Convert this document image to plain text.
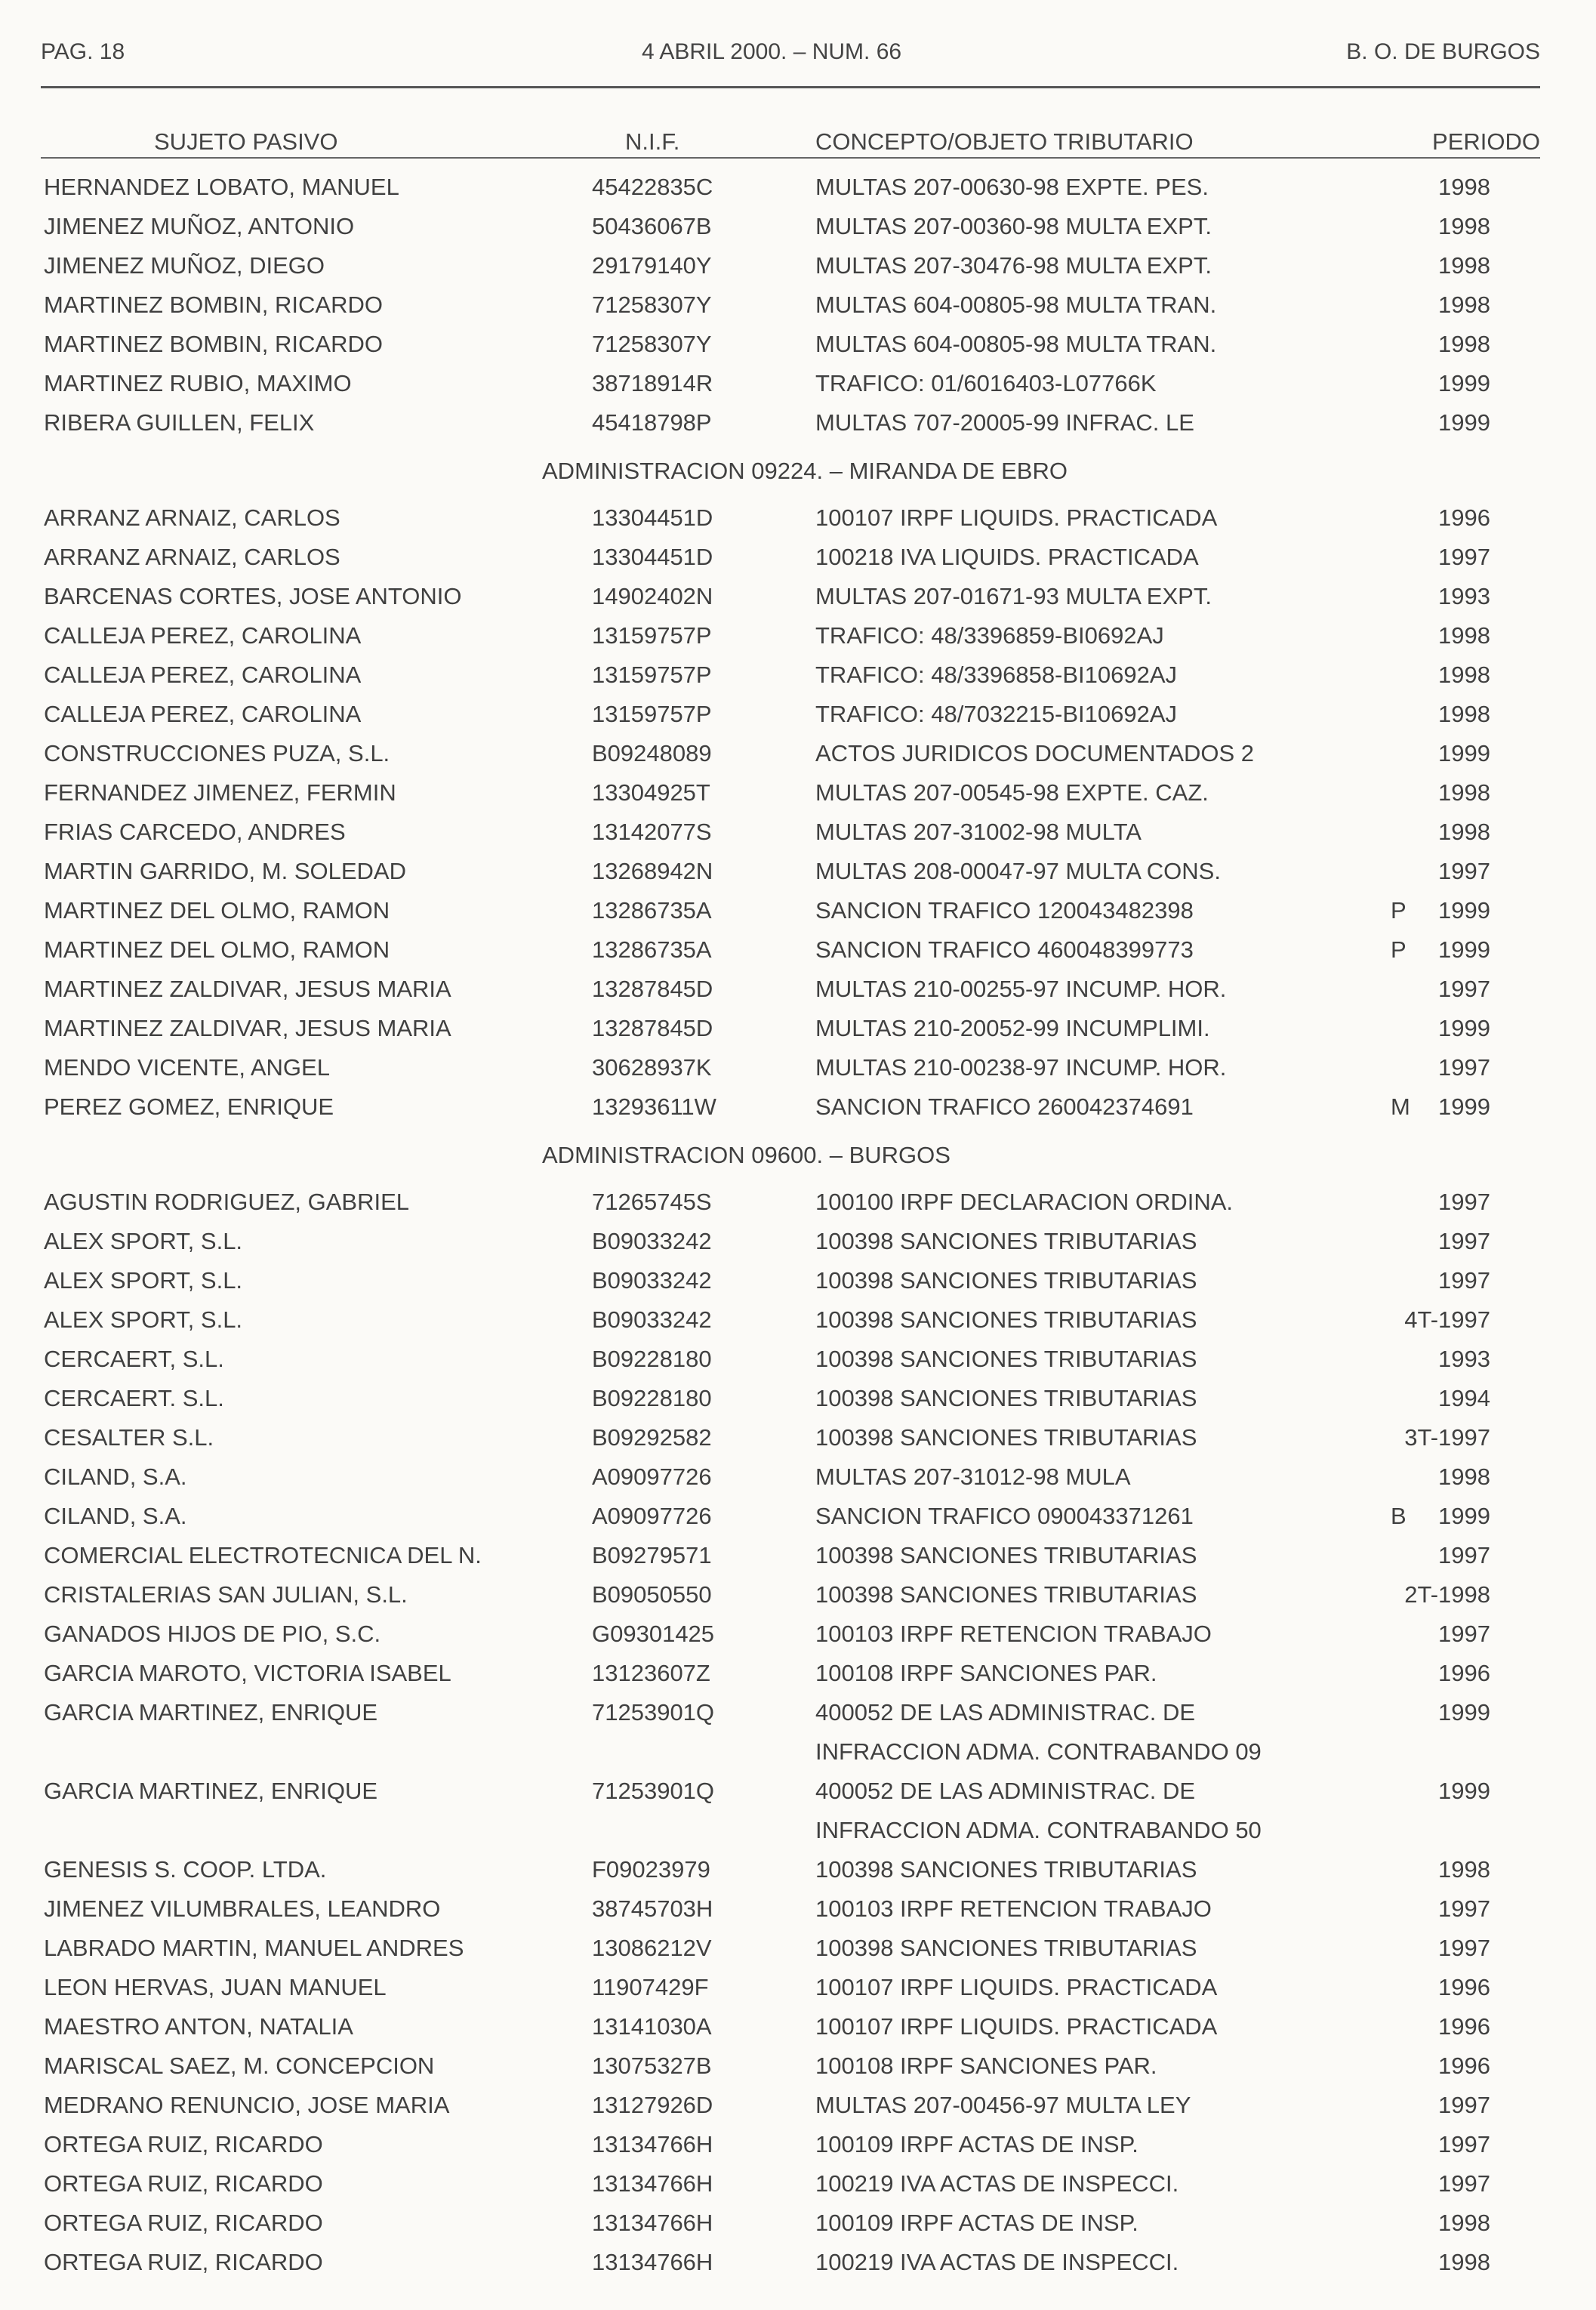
PAG. 18	4 ABRIL 2000. – NUM. 66	B. O. DE BURGOS
SUJETO PASIVO	N.I.F.	CONCEPTO/OBJETO TRIBUTARIO	PERIODO
HERNANDEZ LOBATO, MANUEL	45422835C	MULTAS 207-00630-98 EXPTE. PES.	1998
JIMENEZ MUÑOZ, ANTONIO	50436067B	MULTAS 207-00360-98 MULTA EXPT.	1998
JIMENEZ MUÑOZ, DIEGO	29179140Y	MULTAS 207-30476-98 MULTA EXPT.	1998
MARTINEZ BOMBIN, RICARDO	71258307Y	MULTAS 604-00805-98 MULTA TRAN.	1998
MARTINEZ BOMBIN, RICARDO	71258307Y	MULTAS 604-00805-98 MULTA TRAN.	1998
MARTINEZ RUBIO, MAXIMO	38718914R	TRAFICO: 01/6016403-L07766K	1999
RIBERA GUILLEN, FELIX	45418798P	MULTAS 707-20005-99 INFRAC. LE	1999
ADMINISTRACION 09224. – MIRANDA DE EBRO
ARRANZ ARNAIZ, CARLOS	13304451D	100107 IRPF LIQUIDS. PRACTICADA	1996
ARRANZ ARNAIZ, CARLOS	13304451D	100218 IVA LIQUIDS. PRACTICADA	1997
BARCENAS CORTES, JOSE ANTONIO	14902402N	MULTAS 207-01671-93 MULTA EXPT.	1993
CALLEJA PEREZ, CAROLINA	13159757P	TRAFICO: 48/3396859-BI0692AJ	1998
CALLEJA PEREZ, CAROLINA	13159757P	TRAFICO: 48/3396858-BI10692AJ	1998
CALLEJA PEREZ, CAROLINA	13159757P	TRAFICO: 48/7032215-BI10692AJ	1998
CONSTRUCCIONES PUZA, S.L.	B09248089	ACTOS JURIDICOS DOCUMENTADOS 2	1999
FERNANDEZ JIMENEZ, FERMIN	13304925T	MULTAS 207-00545-98 EXPTE. CAZ.	1998
FRIAS CARCEDO, ANDRES	13142077S	MULTAS 207-31002-98 MULTA	1998
MARTIN GARRIDO, M. SOLEDAD	13268942N	MULTAS 208-00047-97 MULTA CONS.	1997
MARTINEZ DEL OLMO, RAMON	13286735A	SANCION TRAFICO 120043482398	P 1999
MARTINEZ DEL OLMO, RAMON	13286735A	SANCION TRAFICO 460048399773	P 1999
MARTINEZ ZALDIVAR, JESUS MARIA	13287845D	MULTAS 210-00255-97 INCUMP. HOR.	1997
MARTINEZ ZALDIVAR, JESUS MARIA	13287845D	MULTAS 210-20052-99 INCUMPLIMI.	1999
MENDO VICENTE, ANGEL	30628937K	MULTAS 210-00238-97 INCUMP. HOR.	1997
PEREZ GOMEZ, ENRIQUE	13293611W	SANCION TRAFICO 260042374691	M 1999
ADMINISTRACION 09600. – BURGOS
AGUSTIN RODRIGUEZ, GABRIEL	71265745S	100100 IRPF DECLARACION ORDINA.	1997
ALEX SPORT, S.L.	B09033242	100398 SANCIONES TRIBUTARIAS	1997
ALEX SPORT, S.L.	B09033242	100398 SANCIONES TRIBUTARIAS	1997
ALEX SPORT, S.L.	B09033242	100398 SANCIONES TRIBUTARIAS	4T-1997
CERCAERT, S.L.	B09228180	100398 SANCIONES TRIBUTARIAS	1993
CERCAERT. S.L.	B09228180	100398 SANCIONES TRIBUTARIAS	1994
CESALTER S.L.	B09292582	100398 SANCIONES TRIBUTARIAS	3T-1997
CILAND, S.A.	A09097726	MULTAS 207-31012-98 MULA	1998
CILAND, S.A.	A09097726	SANCION TRAFICO 090043371261	B 1999
COMERCIAL ELECTROTECNICA DEL N.	B09279571	100398 SANCIONES TRIBUTARIAS	1997
CRISTALERIAS SAN JULIAN, S.L.	B09050550	100398 SANCIONES TRIBUTARIAS	2T-1998
GANADOS HIJOS DE PIO, S.C.	G09301425	100103 IRPF RETENCION TRABAJO	1997
GARCIA MAROTO, VICTORIA ISABEL	13123607Z	100108 IRPF SANCIONES PAR.	1996
GARCIA MARTINEZ, ENRIQUE	71253901Q	400052 DE LAS ADMINISTRAC. DE	1999
INFRACCION ADMA. CONTRABANDO 09
GARCIA MARTINEZ, ENRIQUE	71253901Q	400052 DE LAS ADMINISTRAC. DE	1999
INFRACCION ADMA. CONTRABANDO 50
GENESIS S. COOP. LTDA.	F09023979	100398 SANCIONES TRIBUTARIAS	1998
JIMENEZ VILUMBRALES, LEANDRO	38745703H	100103 IRPF RETENCION TRABAJO	1997
LABRADO MARTIN, MANUEL ANDRES	13086212V	100398 SANCIONES TRIBUTARIAS	1997
LEON HERVAS, JUAN MANUEL	11907429F	100107 IRPF LIQUIDS. PRACTICADA	1996
MAESTRO ANTON, NATALIA	13141030A	100107 IRPF LIQUIDS. PRACTICADA	1996
MARISCAL SAEZ, M. CONCEPCION	13075327B	100108 IRPF SANCIONES PAR.	1996
MEDRANO RENUNCIO, JOSE MARIA	13127926D	MULTAS 207-00456-97 MULTA LEY	1997
ORTEGA RUIZ, RICARDO	13134766H	100109 IRPF ACTAS DE INSP.	1997
ORTEGA RUIZ, RICARDO	13134766H	100219 IVA ACTAS DE INSPECCI.	1997
ORTEGA RUIZ, RICARDO	13134766H	100109 IRPF ACTAS DE INSP.	1998
ORTEGA RUIZ, RICARDO	13134766H	100219 IVA ACTAS DE INSPECCI.	1998
